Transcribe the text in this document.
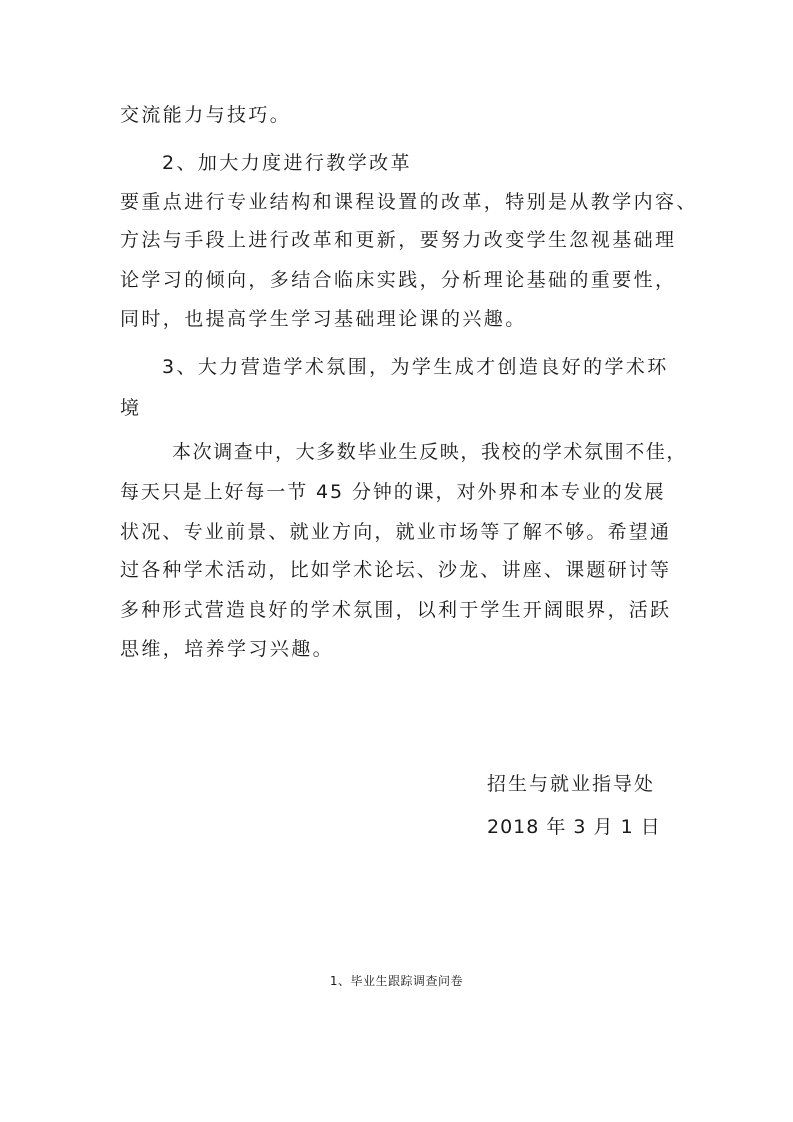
交流能力与技巧。
2、加大力度进行教学改革
要重点进行专业结构和课程设置的改革，特别是从教学内容、
方法与手段上进行改革和更新，要努力改变学生忽视基础理
论学习的倾向，多结合临床实践，分析理论基础的重要性，
同时，也提高学生学习基础理论课的兴趣。
3、大力营造学术氛围，为学生成才创造良好的学术环
境
本次调查中，大多数毕业生反映，我校的学术氛围不佳，
每天只是上好每一节 45 分钟的课，对外界和本专业的发展
状况、专业前景、就业方向，就业市场等了解不够。希望通
过各种学术活动，比如学术论坛、沙龙、讲座、课题研讨等
多种形式营造良好的学术氛围，以利于学生开阔眼界，活跃
思维，培养学习兴趣。
招生与就业指导处
2018 年 3 月 1 日
1、毕业生跟踪调查问卷
